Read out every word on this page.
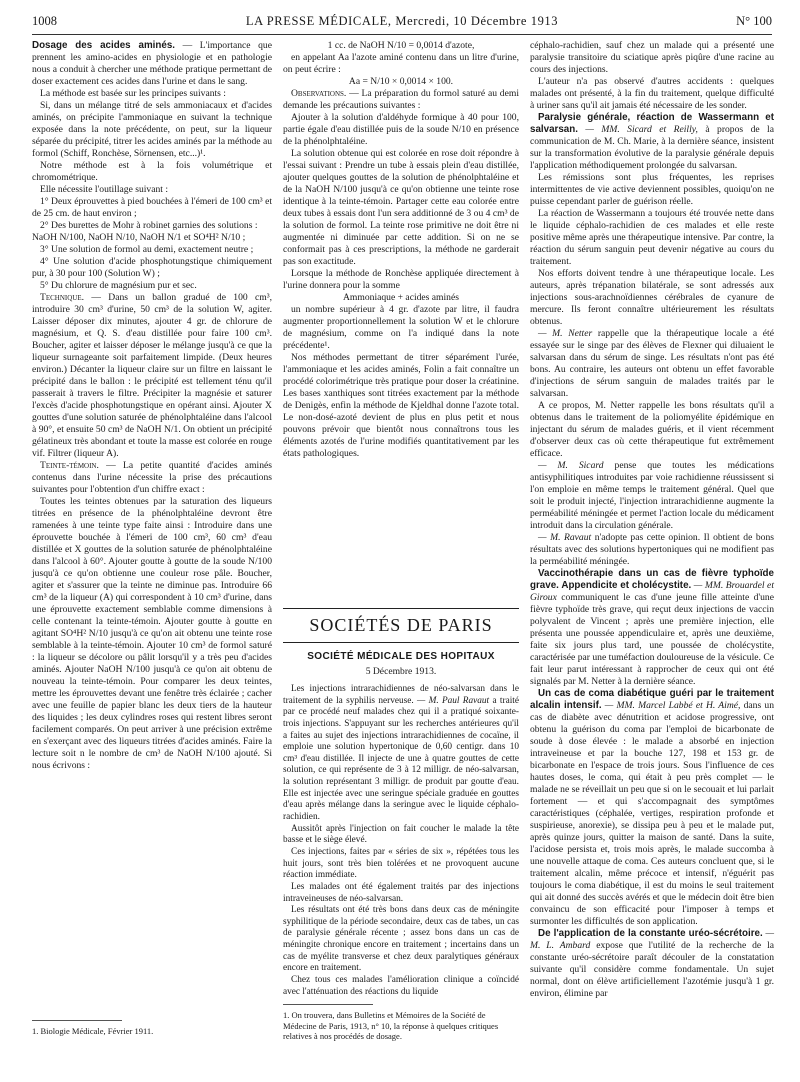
1008	LA PRESSE MÉDICALE, Mercredi, 10 Décembre 1913	N° 100

Dosage des acides aminés. — L'importance que prennent les amino-acides en physiologie et en pathologie nous a conduit à chercher une méthode pratique permettant de doser exactement ces acides dans l'urine et dans le sang.

La méthode est basée sur les principes suivants :

Si, dans un mélange titré de sels ammoniacaux et d'acides aminés, on précipite l'ammoniaque en suivant la technique exposée dans la note précédente, on peut, sur la liqueur séparée du précipité, titrer les acides aminés par la méthode au formol (Schiff, Ronchèse, Sörnensen, etc...)¹.

Notre méthode est à la fois volumétrique et chromométrique.

Elle nécessite l'outillage suivant :

1° Deux éprouvettes à pied bouchées à l'émeri de 100 cm³ et de 25 cm. de haut environ ;

2° Des burettes de Mohr à robinet garnies des solutions :

NaOH N/100, NaOH N/10, NaOH N/1 et SO⁴H² N/10 ;

3° Une solution de formol au demi, exactement neutre ;

4° Une solution d'acide phosphotungstique chimiquement pur, à 30 pour 100 (Solution W) ;

5° Du chlorure de magnésium pur et sec.

Technique. — Dans un ballon gradué de 100 cm³, introduire 30 cm³ d'urine, 50 cm³ de la solution W, agiter. Laisser déposer dix minutes, ajouter 4 gr. de chlorure de magnésium, et Q. S. d'eau distillée pour faire 100 cm³. Boucher, agiter et laisser déposer le mélange jusqu'à ce que la liqueur surnageante soit parfaitement limpide. (Deux heures environ.) Décanter la liqueur claire sur un filtre en laissant le précipité dans le ballon : le précipité est tellement ténu qu'il passerait à travers le filtre. Précipiter la magnésie et saturer l'excès d'acide phosphotungstique en opérant ainsi. Ajouter X gouttes d'une solution saturée de phénolphtaléine dans l'alcool à 90°, et ensuite 50 cm³ de NaOH N/1. On obtient un précipité gélatineux très abondant et toute la masse est colorée en rouge vif. Filtrer (liqueur A).

Teinte-témoin. — La petite quantité d'acides aminés contenus dans l'urine nécessite la prise des précautions suivantes pour l'obtention d'un chiffre exact :

Toutes les teintes obtenues par la saturation des liqueurs titrées en présence de la phénolphtaléine devront être ramenées à une teinte type faite ainsi : Introduire dans une éprouvette bouchée à l'émeri de 100 cm³, 60 cm³ d'eau distillée et X gouttes de la solution saturée de phénolphtaléine dans l'alcool à 60°. Ajouter goutte à goutte de la soude N/100 jusqu'à ce qu'on obtienne une couleur rose pâle. Boucher, agiter et s'assurer que la teinte ne diminue pas. Introduire 66 cm³ de la liqueur (A) qui correspondent à 10 cm³ d'urine, dans une éprouvette exactement semblable comme dimensions à celle contenant la teinte-témoin. Ajouter goutte à goutte en agitant SO⁴H² N/10 jusqu'à ce qu'on ait obtenu une teinte rose semblable à la teinte-témoin. Ajouter 10 cm³ de formol saturé : la liqueur se décolore ou pâlit lorsqu'il y a très peu d'acides aminés. Ajouter NaOH N/100 jusqu'à ce qu'on ait obtenu de nouveau la teinte-témoin. Pour comparer les deux teintes, mettre les éprouvettes devant une fenêtre très éclairée ; cacher avec une feuille de papier blanc les deux tiers de la hauteur des liquides ; les deux cylindres roses qui restent libres seront facilement comparés. On peut arriver à une précision extrême en s'exerçant avec des liqueurs titrées d'acides aminés. Faire la lecture soit n le nombre de cm³ de NaOH N/100 ajouté. Si nous écrivons :

1. Biologie Médicale, Février 1911.

1 cc. de NaOH N/10 = 0,0014 d'azote,

en appelant Aa l'azote aminé contenu dans un litre d'urine, on peut écrire :

Aa = N/10 × 0,0014 × 100.

Observations. — La préparation du formol saturé au demi demande les précautions suivantes :

Ajouter à la solution d'aldéhyde formique à 40 pour 100, partie égale d'eau distillée puis de la soude N/10 en présence de la phénolphtaléine.

La solution obtenue qui est colorée en rose doit répondre à l'essai suivant : Prendre un tube à essais plein d'eau distillée, ajouter quelques gouttes de la solution de phénolphtaléine et de la NaOH N/100 jusqu'à ce qu'on obtienne une teinte rose identique à la teinte-témoin. Partager cette eau colorée entre deux tubes à essais dont l'un sera additionné de 3 ou 4 cm³ de la solution de formol. La teinte rose primitive ne doit être ni augmentée ni diminuée par cette addition. Si on ne se conformait pas à ces prescriptions, la méthode ne garderait pas son exactitude.

Lorsque la méthode de Ronchèse appliquée directement à l'urine donnera pour la somme

Ammoniaque + acides aminés

un nombre supérieur à 4 gr. d'azote par litre, il faudra augmenter proportionnellement la solution W et le chlorure de magnésium, comme on l'a indiqué dans la note précédente¹.

Nos méthodes permettant de titrer séparément l'urée, l'ammoniaque et les acides aminés, Folin a fait connaître un procédé colorimétrique très pratique pour doser la créatinine. Les bases xanthiques sont titrées exactement par la méthode de Denigès, enfin la méthode de Kjeldhal donne l'azote total. Le non-dosé-azoté devient de plus en plus petit et nous pouvons prévoir que bientôt nous connaîtrons tous les éléments azotés de l'urine modifiés quantitativement par les états pathologiques.

SOCIÉTÉS DE PARIS
SOCIÉTÉ MÉDICALE DES HOPITAUX
5 Décembre 1913.

Les injections intrarachidiennes de néo-salvarsan dans le traitement de la syphilis nerveuse. — M. Paul Ravaut a traité par ce procédé neuf malades chez qui il a pratiqué soixante-trois injections. S'appuyant sur les recherches antérieures qu'il a faites au sujet des injections intrarachidiennes de cocaïne, il emploie une solution hypertonique de 0,60 centigr. dans 10 cm³ d'eau distillée. Il injecte de une à quatre gouttes de cette solution, ce qui représente de 3 à 12 milligr. de néo-salvarsan, la solution représentant 3 milligr. de produit par goutte d'eau. Elle est injectée avec une seringue spéciale graduée en gouttes d'eau après mélange dans la seringue avec le liquide céphalo-rachidien.

Aussitôt après l'injection on fait coucher le malade la tête basse et le siège élevé.

Ces injections, faites par « séries de six », répétées tous les huit jours, sont très bien tolérées et ne provoquent aucune réaction immédiate.

Les malades ont été également traités par des injections intraveineuses de néo-salvarsan.

Les résultats ont été très bons dans deux cas de méningite syphilitique de la période secondaire, deux cas de tabes, un cas de paralysie générale récente ; assez bons dans un cas de méningite chronique encore en traitement ; incertains dans un cas de myélite transverse et chez deux paralytiques généraux encore en traitement.

Chez tous ces malades l'amélioration clinique a coïncidé avec l'atténuation des réactions du liquide

1. On trouvera, dans Bulletins et Mémoires de la Société de Médecine de Paris, 1913, n° 10, la réponse à quelques critiques relatives à nos procédés de dosage.

céphalo-rachidien, sauf chez un malade qui a présenté une paralysie transitoire du sciatique après piqûre d'une racine au cours des injections.

L'auteur n'a pas observé d'autres accidents : quelques malades ont présenté, à la fin du traitement, quelque difficulté à uriner sans qu'il ait jamais été nécessaire de les sonder.

Paralysie générale, réaction de Wassermann et salvarsan. — MM. Sicard et Reilly, à propos de la communication de M. Ch. Marie, à la dernière séance, insistent sur la transformation évolutive de la paralysie générale depuis l'application méthodiquement prolongée du salvarsan.

Les rémissions sont plus fréquentes, les reprises intermittentes de vie active deviennent possibles, quoiqu'on ne puisse cependant parler de guérison réelle.

La réaction de Wassermann a toujours été trouvée nette dans le liquide céphalo-rachidien de ces malades et elle reste positive même après une thérapeutique intensive. Par contre, la réaction du sérum sanguin peut devenir négative au cours du traitement.

Nos efforts doivent tendre à une thérapeutique locale. Les auteurs, après trépanation bilatérale, se sont adressés aux injections sous-arachnoïdiennes cérébrales de cyanure de mercure. Ils feront connaître ultérieurement les résultats obtenus.

— M. Netter rappelle que la thérapeutique locale a été essayée sur le singe par des élèves de Flexner qui diluaient le salvarsan dans du sérum de singe. Les résultats n'ont pas été bons. Au contraire, les auteurs ont obtenu un effet favorable d'injections de sérum sanguin de malades traités par le salvarsan.

A ce propos, M. Netter rappelle les bons résultats qu'il a obtenus dans le traitement de la poliomyélite épidémique en injectant du sérum de malades guéris, et il vient récemment d'observer deux cas où cette thérapeutique fut extrêmement efficace.

— M. Sicard pense que toutes les médications antisyphilitiques introduites par voie rachidienne réussissent si l'on emploie en même temps le traitement général. Quel que soit le produit injecté, l'injection intrarachidienne augmente la perméabilité méningée et permet l'action locale du médicament introduit dans la circulation générale.

— M. Ravaut n'adopte pas cette opinion. Il obtient de bons résultats avec des solutions hypertoniques qui ne modifient pas la perméabilité méningée.

Vaccinothérapie dans un cas de fièvre typhoïde grave. Appendicite et cholécystite. — MM. Brouardel et Giroux communiquent le cas d'une jeune fille atteinte d'une fièvre typhoïde très grave, qui reçut deux injections de vaccin polyvalent de Vincent ; après une première injection, elle présenta une poussée appendiculaire et, après une deuxième, faite six jours plus tard, une poussée de cholécystite, caractérisée par une tuméfaction douloureuse de la vésicule. Ce fait leur parut intéressant à rapprocher de ceux qui ont été signalés par M. Netter à la dernière séance.

Un cas de coma diabétique guéri par le traitement alcalin intensif. — MM. Marcel Labbé et H. Aimé, dans un cas de diabète avec dénutrition et acidose progressive, ont obtenu la guérison du coma par l'emploi de bicarbonate de soude à dose élevée : le malade a absorbé en injection intraveineuse et par la bouche 127, 198 et 153 gr. de bicarbonate en l'espace de trois jours. Sous l'influence de ces hautes doses, le coma, qui était à peu près complet — le malade ne se réveillait un peu que si on le secouait et lui parlait fortement — et qui s'accompagnait des symptômes caractéristiques (céphalée, vertiges, respiration profonde et suspirieuse, anorexie), se dissipa peu à peu et le malade put, après quinze jours, quitter la maison de santé. Dans la suite, l'acidose persista et, trois mois après, le malade succomba à une nouvelle attaque de coma. Ces auteurs concluent que, si le traitement alcalin, même précoce et intensif, n'éguérit pas toujours le coma diabétique, il est du moins le seul traitement qui ait donné des succès avérés et que le médecin doit être bien convaincu de son efficacité pour l'imposer à temps et surmonter les difficultés de son application.

De l'application de la constante uréo-sécrétoire. — M. L. Ambard expose que l'utilité de la recherche de la constante uréo-sécrétoire paraît découler de la constatation suivante qu'il considère comme fondamentale. Un sujet normal, dont on élève artificiellement l'azotémie jusqu'à 1 gr. environ, élimine par
